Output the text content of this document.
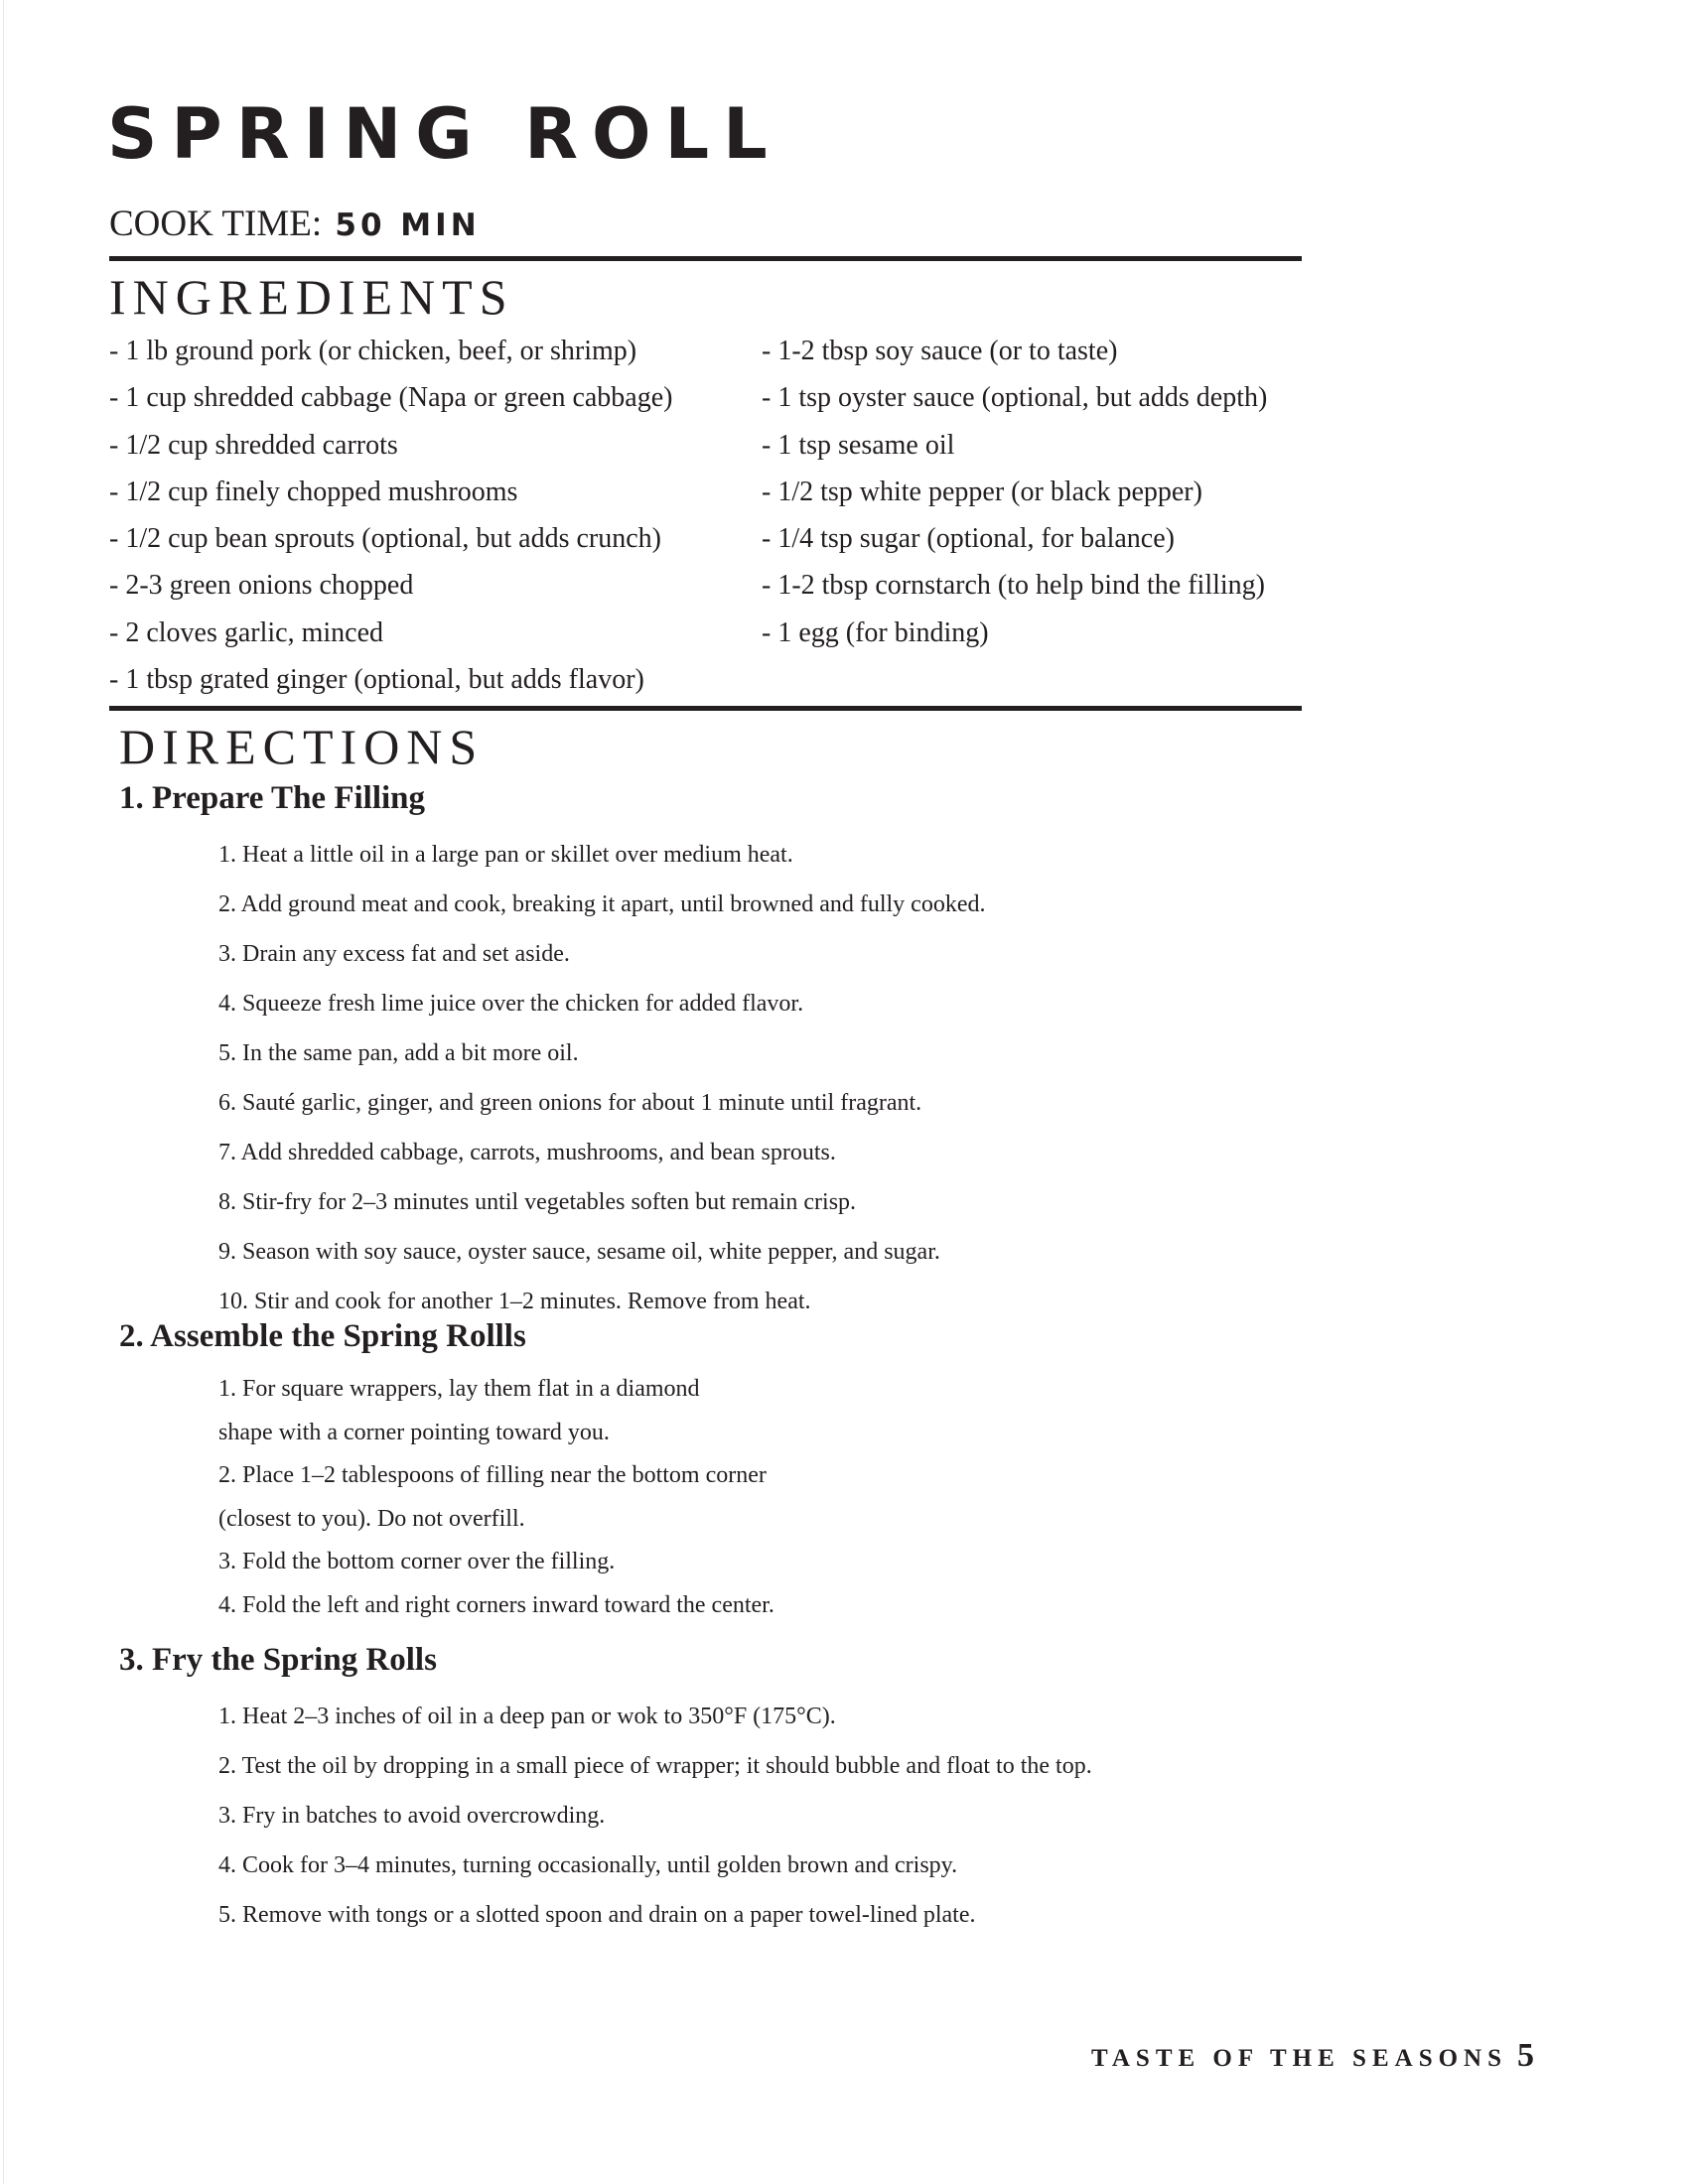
SPRING ROLL
COOK TIME: 50 MIN
INGREDIENTS
- 1 lb ground pork (or chicken, beef, or shrimp)
- 1 cup shredded cabbage (Napa or green cabbage)
- 1/2 cup shredded carrots
- 1/2 cup finely chopped mushrooms
- 1/2 cup bean sprouts (optional, but adds crunch)
- 2-3 green onions chopped
- 2 cloves garlic, minced
- 1 tbsp grated ginger (optional, but adds flavor)
- 1-2 tbsp soy sauce (or to taste)
- 1 tsp oyster sauce (optional, but adds depth)
- 1 tsp sesame oil
- 1/2 tsp white pepper (or black pepper)
- 1/4 tsp sugar (optional, for balance)
- 1-2 tbsp cornstarch (to help bind the filling)
- 1 egg (for binding)
DIRECTIONS
1. Prepare The Filling
1. Heat a little oil in a large pan or skillet over medium heat.
2. Add ground meat and cook, breaking it apart, until browned and fully cooked.
3. Drain any excess fat and set aside.
4. Squeeze fresh lime juice over the chicken for added flavor.
5. In the same pan, add a bit more oil.
6. Sauté garlic, ginger, and green onions for about 1 minute until fragrant.
7. Add shredded cabbage, carrots, mushrooms, and bean sprouts.
8. Stir-fry for 2–3 minutes until vegetables soften but remain crisp.
9. Season with soy sauce, oyster sauce, sesame oil, white pepper, and sugar.
10. Stir and cook for another 1–2 minutes. Remove from heat.
2. Assemble the Spring Rollls
1. For square wrappers, lay them flat in a diamond
shape with a corner pointing toward you.
2. Place 1–2 tablespoons of filling near the bottom corner
(closest to you). Do not overfill.
3. Fold the bottom corner over the filling.
4. Fold the left and right corners inward toward the center.
3. Fry the Spring Rolls
1. Heat 2–3 inches of oil in a deep pan or wok to 350°F (175°C).
2. Test the oil by dropping in a small piece of wrapper; it should bubble and float to the top.
3. Fry in batches to avoid overcrowding.
4. Cook for 3–4 minutes, turning occasionally, until golden brown and crispy.
5. Remove with tongs or a slotted spoon and drain on a paper towel-lined plate.
TASTE OF THE SEASONS 5
